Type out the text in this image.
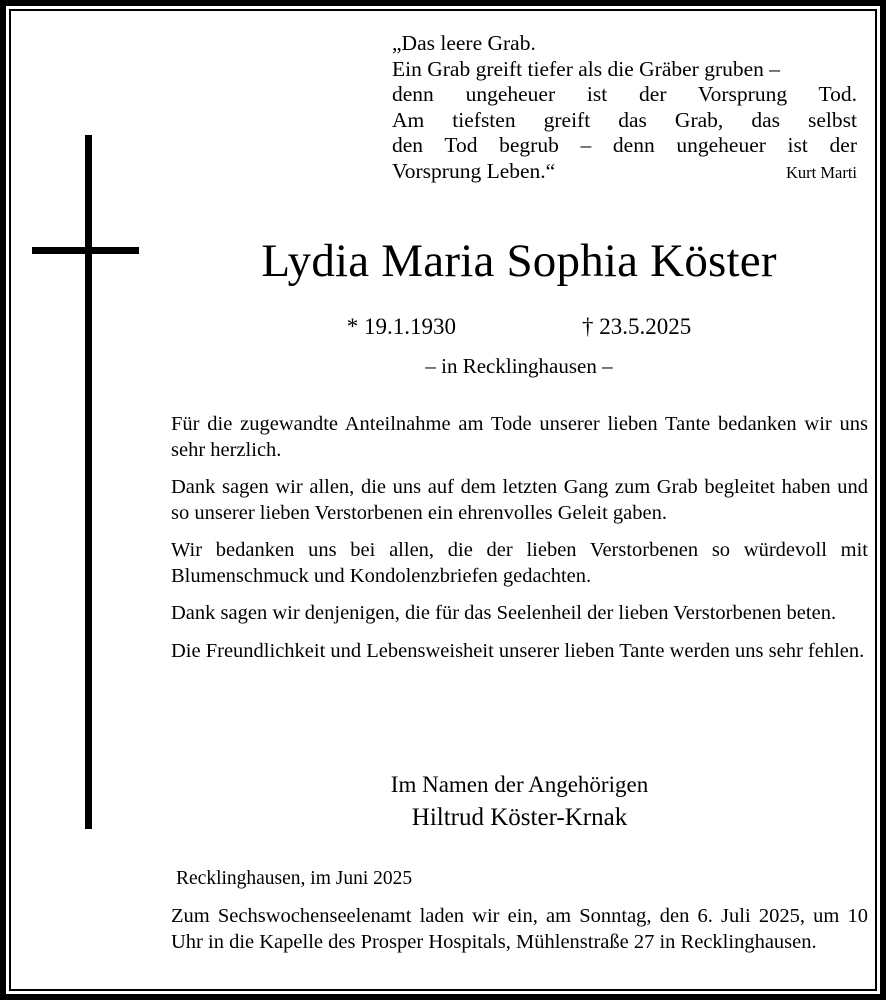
„Das leere Grab.
Ein Grab greift tiefer als die Gräber gruben –
denn ungeheuer ist der Vorsprung Tod.
Am tiefsten greift das Grab, das selbst
den Tod begrub – denn ungeheuer ist der
Vorsprung Leben.“	Kurt Marti
Lydia Maria Sophia Köster
* 19.1.1930	† 23.5.2025
– in Recklinghausen –

Für die zugewandte Anteilnahme am Tode unserer lieben Tante bedanken wir uns sehr herzlich.

Dank sagen wir allen, die uns auf dem letzten Gang zum Grab begleitet haben und so unserer lieben Verstorbenen ein ehrenvolles Geleit gaben.

Wir bedanken uns bei allen, die der lieben Verstorbenen so würdevoll mit Blumenschmuck und Kondolenzbriefen gedachten.

Dank sagen wir denjenigen, die für das Seelenheil der lieben Verstorbenen beten.

Die Freundlichkeit und Lebensweisheit unserer lieben Tante werden uns sehr fehlen.

Im Namen der Angehörigen
Hiltrud Köster-Krnak
Recklinghausen, im Juni 2025
Zum Sechswochenseelenamt laden wir ein, am Sonntag, den 6. Juli 2025, um 10 Uhr in die Kapelle des Prosper Hospitals, Mühlenstraße 27 in Recklinghausen.
